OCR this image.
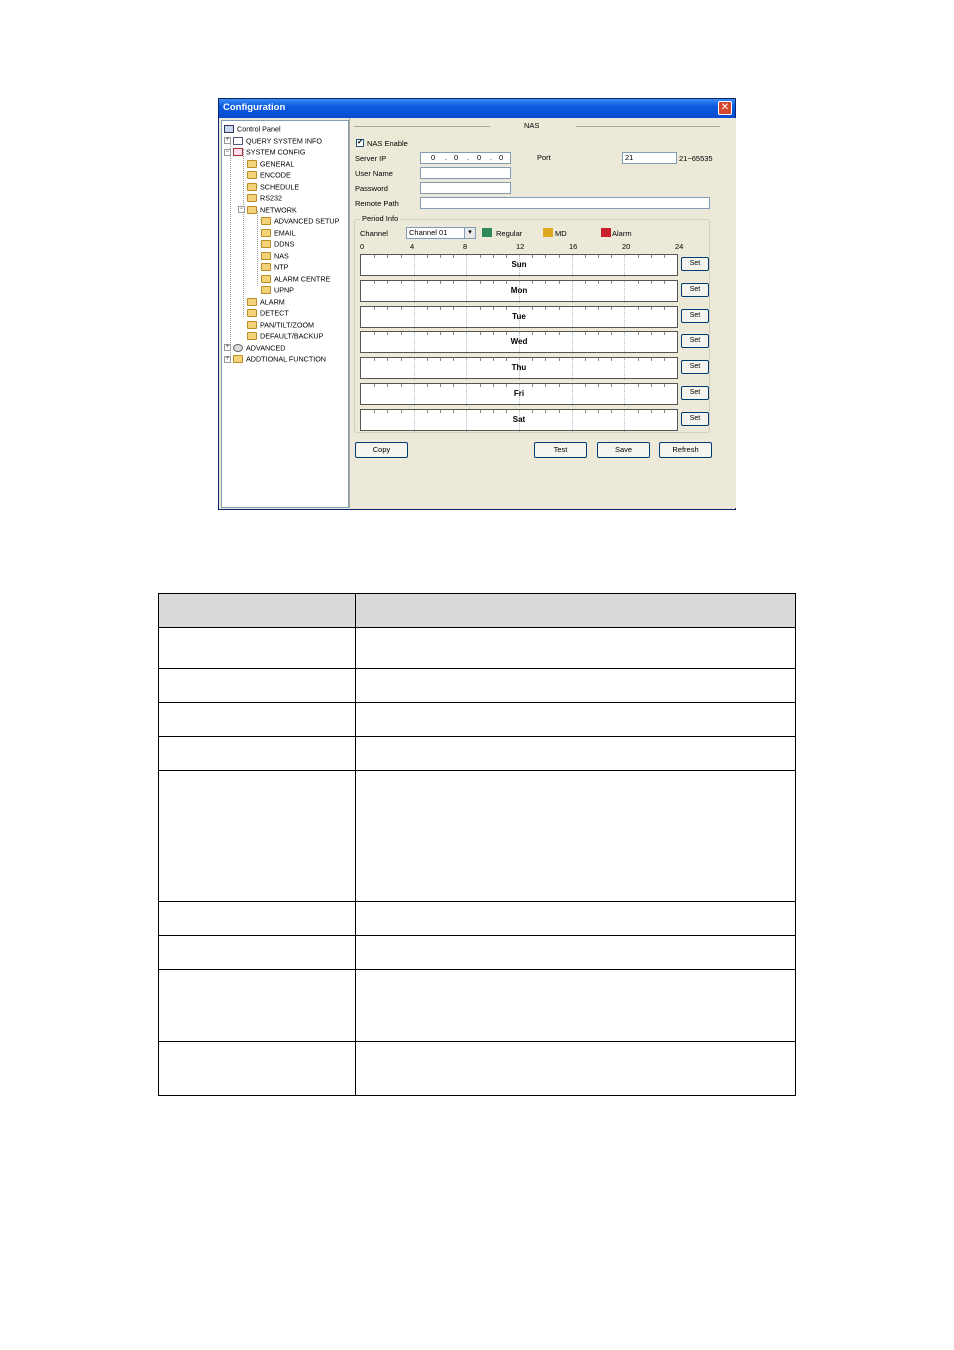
Configuration	✕
Control Panel
+ QUERY SYSTEM INFO
− SYSTEM CONFIG
GENERAL
ENCODE
SCHEDULE
RS232
− NETWORK
ADVANCED SETUP
EMAIL
DDNS
NAS
NTP
ALARM CENTRE
UPNP
ALARM
DETECT
PAN/TILT/ZOOM
DEFAULT/BACKUP
+ ADVANCED
+ ADDTIONAL FUNCTION
NAS
✔ NAS Enable
Server IP	0 . 0 . 0 . 0	Port	21	21~65535
User Name
Password
Remote Path
Period Info
Channel	Channel 01	▾	Regular	MD	Alarm
0	4	8	12	16	20	24
Sun	Set
Mon	Set
Tue	Set
Wed	Set
Thu	Set
Fri	Set
Sat	Set
Copy	Test	Save	Refresh
